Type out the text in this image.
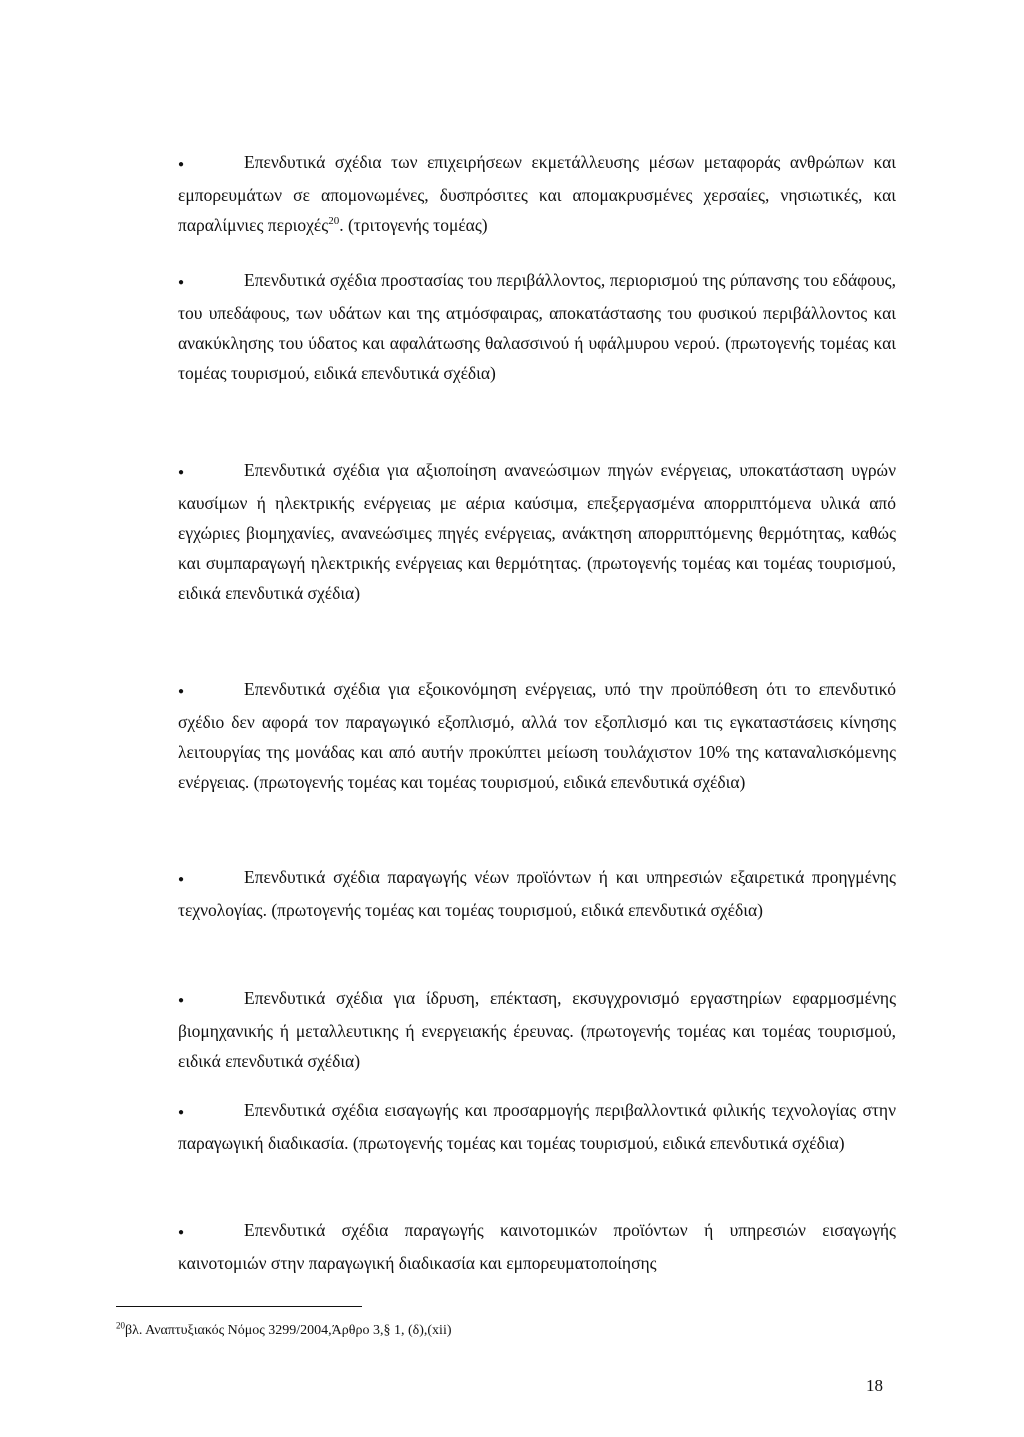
●Επενδυτικά σχέδια των επιχειρήσεων εκμετάλλευσης μέσων μεταφοράς ανθρώπων και εμπορευμάτων σε απομονωμένες, δυσπρόσιτες και απομακρυσμένες χερσαίες, νησιωτικές, και παραλίμνιες περιοχές$^{20}$. (τριτογενής τομέας)
●Επενδυτικά σχέδια προστασίας του περιβάλλοντος, περιορισμού της ρύπανσης του εδάφους, του υπεδάφους, των υδάτων και της ατμόσφαιρας, αποκατάστασης του φυσικού περιβάλλοντος και ανακύκλησης του ύδατος και αφαλάτωσης θαλασσινού ή υφάλμυρου νερού. (πρωτογενής τομέας και τομέας τουρισμού, ειδικά επενδυτικά σχέδια)
●Επενδυτικά σχέδια για αξιοποίηση ανανεώσιμων πηγών ενέργειας, υποκατάσταση υγρών καυσίμων ή ηλεκτρικής ενέργειας με αέρια καύσιμα, επεξεργασμένα απορριπτόμενα υλικά από εγχώριες βιομηχανίες, ανανεώσιμες πηγές ενέργειας, ανάκτηση απορριπτόμενης θερμότητας, καθώς και συμπαραγωγή ηλεκτρικής ενέργειας και θερμότητας. (πρωτογενής τομέας και τομέας τουρισμού, ειδικά επενδυτικά σχέδια)
●Επενδυτικά σχέδια για εξοικονόμηση ενέργειας, υπό την προϋπόθεση ότι το επενδυτικό σχέδιο δεν αφορά τον παραγωγικό εξοπλισμό, αλλά τον εξοπλισμό και τις εγκαταστάσεις κίνησης λειτουργίας της μονάδας και από αυτήν προκύπτει μείωση τουλάχιστον 10% της καταναλισκόμενης ενέργειας. (πρωτογενής τομέας και τομέας τουρισμού, ειδικά επενδυτικά σχέδια)
●Επενδυτικά σχέδια παραγωγής νέων προϊόντων ή και υπηρεσιών εξαιρετικά προηγμένης τεχνολογίας. (πρωτογενής τομέας και τομέας τουρισμού, ειδικά επενδυτικά σχέδια)
●Επενδυτικά σχέδια για ίδρυση, επέκταση, εκσυγχρονισμό εργαστηρίων εφαρμοσμένης βιομηχανικής ή μεταλλευτικης ή ενεργειακής έρευνας. (πρωτογενής τομέας και τομέας τουρισμού, ειδικά επενδυτικά σχέδια)
●Επενδυτικά σχέδια εισαγωγής και προσαρμογής περιβαλλοντικά φιλικής τεχνολογίας στην παραγωγική διαδικασία. (πρωτογενής τομέας και τομέας τουρισμού, ειδικά επενδυτικά σχέδια)
●Επενδυτικά σχέδια παραγωγής καινοτομικών προϊόντων ή υπηρεσιών εισαγωγής καινοτομιών στην παραγωγική διαδικασία και εμπορευματοποίησης
$^{20}$βλ. Αναπτυξιακός Νόμος 3299/2004,Άρθρο 3,§ 1, (δ),(xii)
18
